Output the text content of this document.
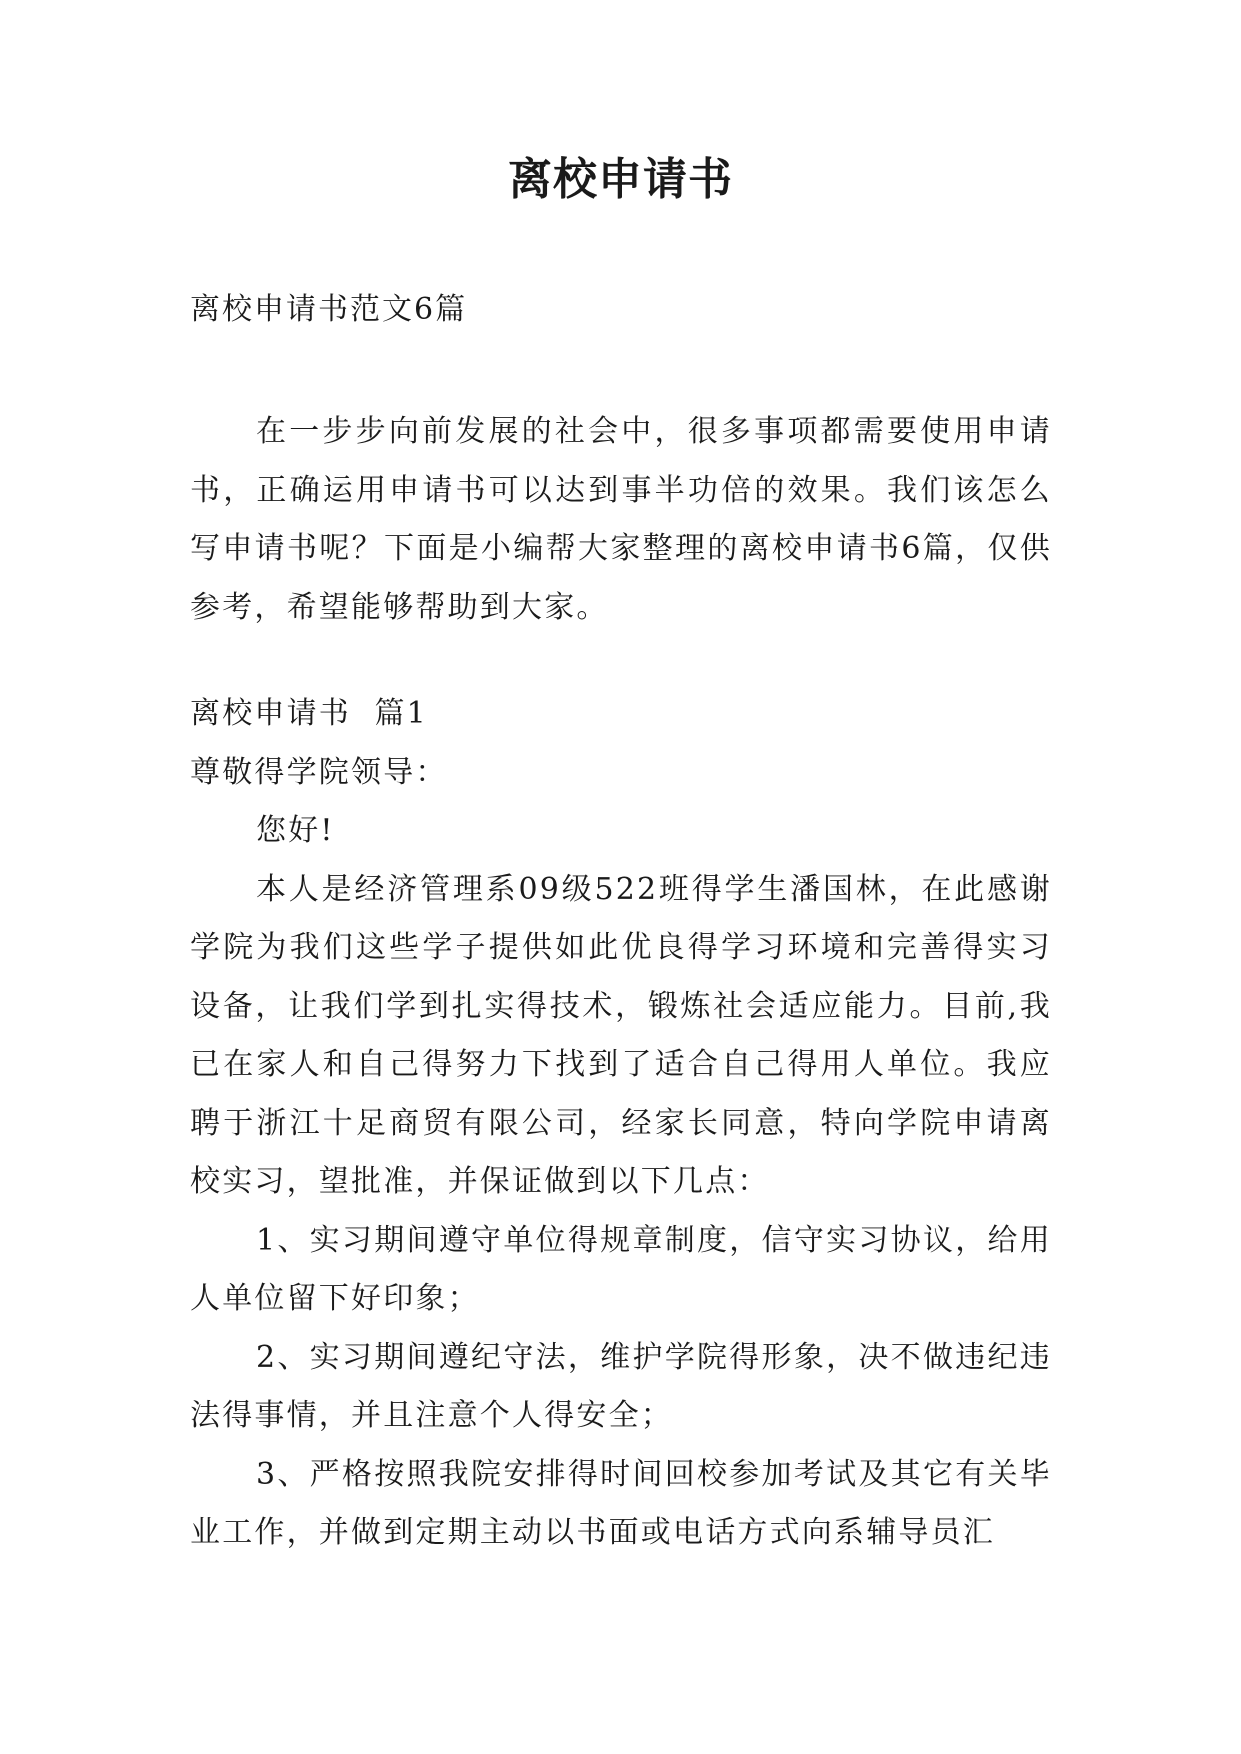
离校申请书

离校申请书范文6篇

在一步步向前发展的社会中，很多事项都需要使用申请书，正确运用申请书可以达到事半功倍的效果。我们该怎么写申请书呢？下面是小编帮大家整理的离校申请书6篇，仅供参考，希望能够帮助到大家。

离校申请书  篇1

尊敬得学院领导：

您好!

本人是经济管理系09级522班得学生潘国林，在此感谢学院为我们这些学子提供如此优良得学习环境和完善得实习设备，让我们学到扎实得技术，锻炼社会适应能力。目前,我已在家人和自己得努力下找到了适合自己得用人单位。我应聘于浙江十足商贸有限公司，经家长同意，特向学院申请离校实习，望批准，并保证做到以下几点：

1、实习期间遵守单位得规章制度，信守实习协议，给用人单位留下好印象；

2、实习期间遵纪守法，维护学院得形象，决不做违纪违法得事情，并且注意个人得安全；

3、严格按照我院安排得时间回校参加考试及其它有关毕业工作，并做到定期主动以书面或电话方式向系辅导员汇
